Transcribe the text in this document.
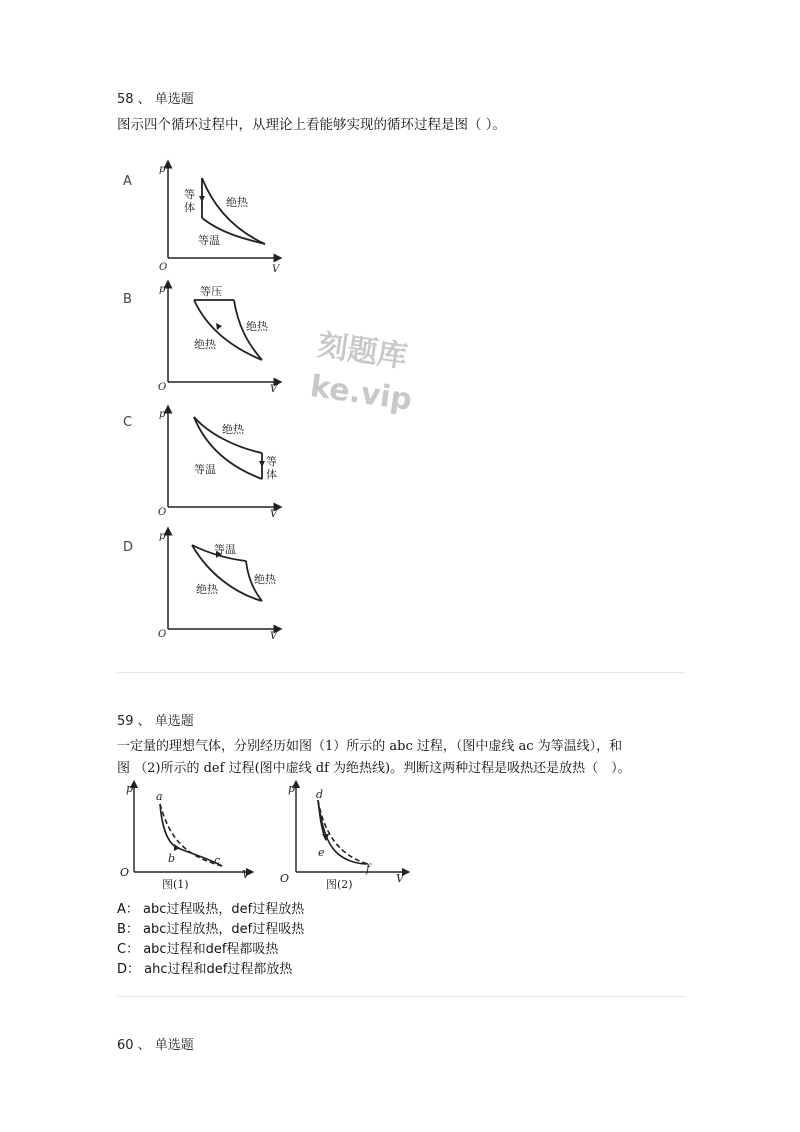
58 、 单选题
图示四个循环过程中，从理论上看能够实现的循环过程是图（ ）。
A
B
C
D
p
O	V
等
体	绝热
等温
p
O	V
等压
绝热
绝热
p
O	V
绝热
等温
等
体
p
O	V
等温
绝热
绝热
刻题库
ke.vip
59 、 单选题
一定量的理想气体，分别经历如图（1）所示的 abc 过程，（图中虚线 ac 为等温线），和
图 （2)所示的 def 过程(图中虚线 df 为绝热线)。判断这两种过程是吸热还是放热（　）。
p
O	V
a
b	c
图(1)
p
O	V
d
e
f
图(2)
A： abc过程吸热，def过程放热
B： abc过程放热，def过程吸热
C： abc过程和def程都吸热
D： ahc过程和def过程都放热
60 、 单选题
